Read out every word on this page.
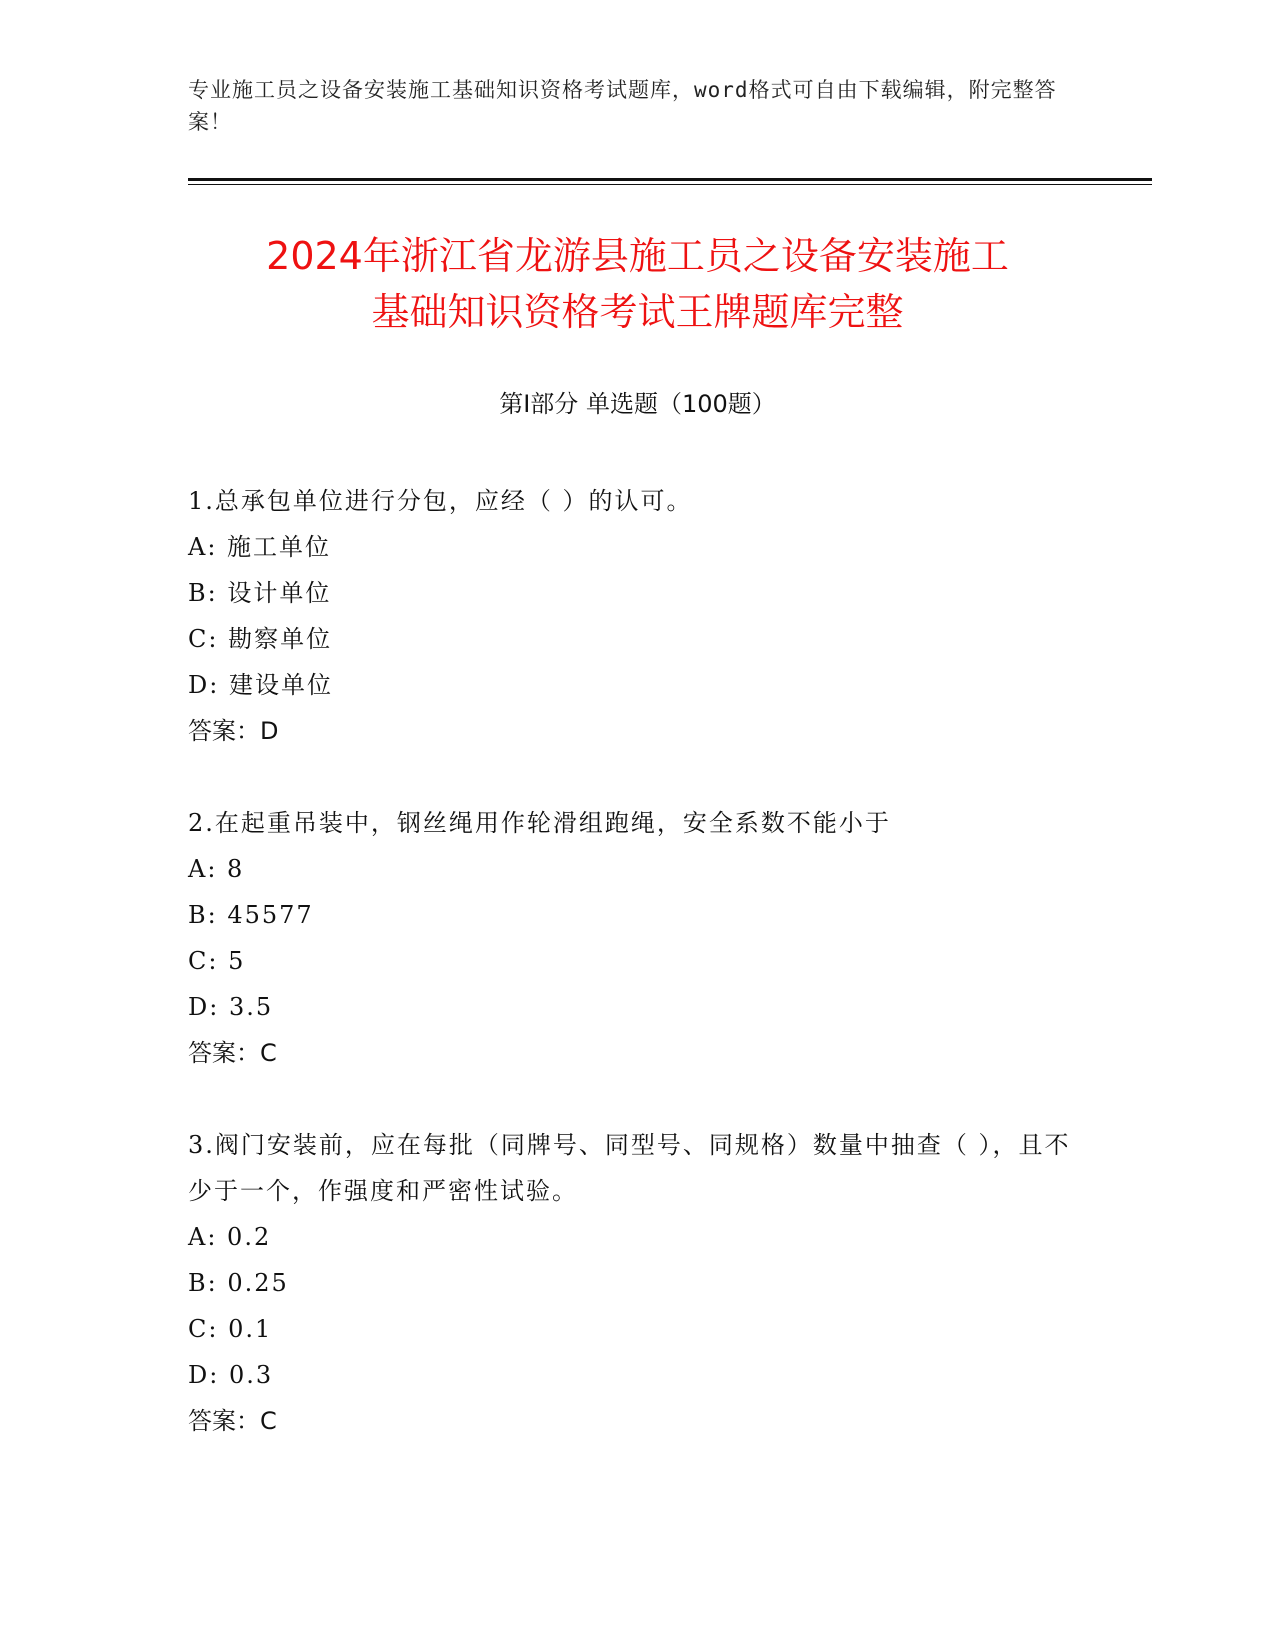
专业施工员之设备安装施工基础知识资格考试题库，word格式可自由下载编辑，附完整答案！
2024年浙江省龙游县施工员之设备安装施工
基础知识资格考试王牌题库完整
第I部分 单选题（100题）
1.总承包单位进行分包，应经（ ）的认可。
A: 施工单位
B: 设计单位
C: 勘察单位
D: 建设单位
答案：D
2.在起重吊装中，钢丝绳用作轮滑组跑绳，安全系数不能小于
A: 8
B: 45577
C: 5
D: 3.5
答案：C
3.阀门安装前，应在每批（同牌号、同型号、同规格）数量中抽查（ ），且不少于一个，作强度和严密性试验。
A: 0.2
B: 0.25
C: 0.1
D: 0.3
答案：C
